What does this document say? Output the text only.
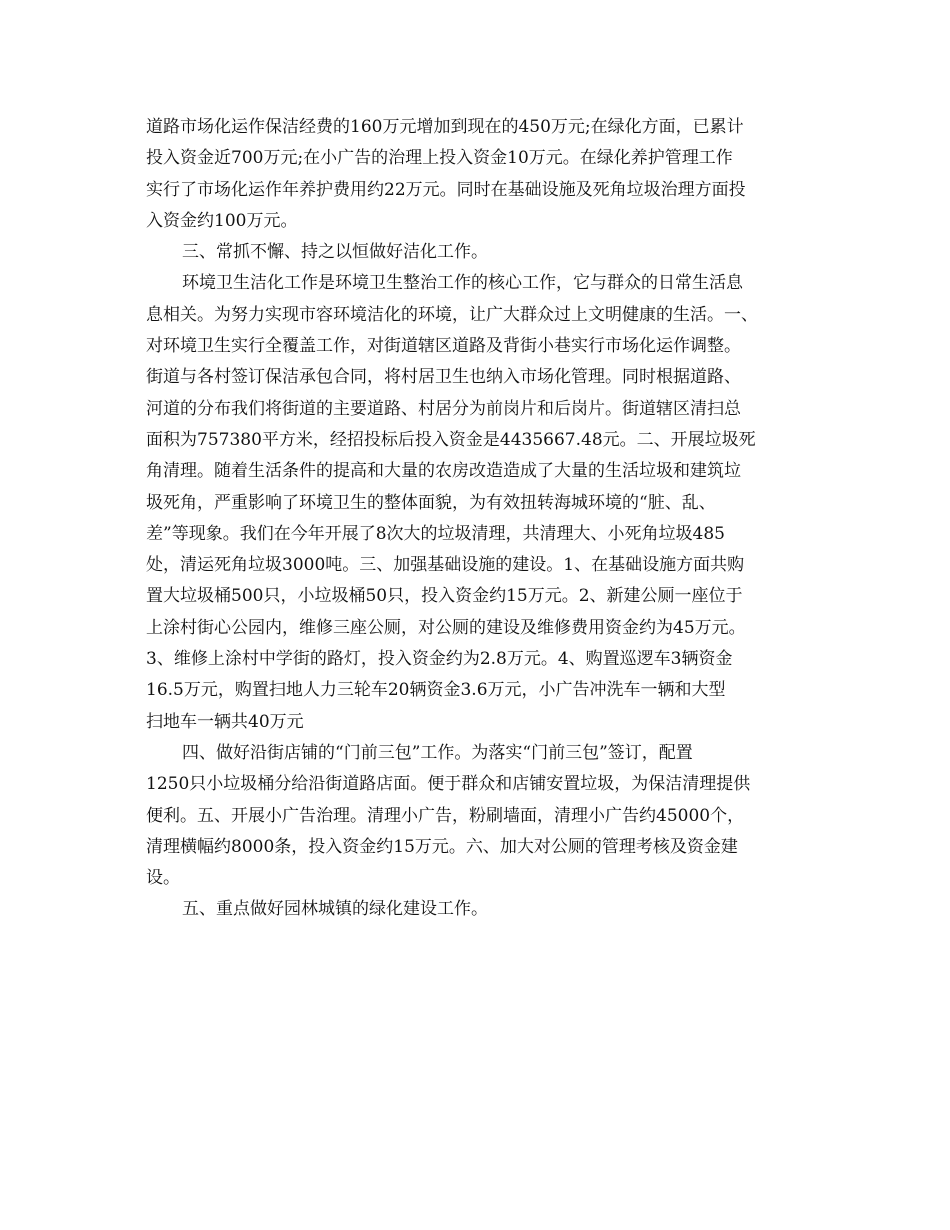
道路市场化运作保洁经费的160万元增加到现在的450万元;在绿化方面，已累计
投入资金近700万元;在小广告的治理上投入资金10万元。在绿化养护管理工作
实行了市场化运作年养护费用约22万元。同时在基础设施及死角垃圾治理方面投
入资金约100万元。
三、常抓不懈、持之以恒做好洁化工作。
环境卫生洁化工作是环境卫生整治工作的核心工作，它与群众的日常生活息
息相关。为努力实现市容环境洁化的环境，让广大群众过上文明健康的生活。一、
对环境卫生实行全覆盖工作，对街道辖区道路及背街小巷实行市场化运作调整。
街道与各村签订保洁承包合同，将村居卫生也纳入市场化管理。同时根据道路、
河道的分布我们将街道的主要道路、村居分为前岗片和后岗片。街道辖区清扫总
面积为757380平方米，经招投标后投入资金是4435667.48元。二、开展垃圾死
角清理。随着生活条件的提高和大量的农房改造造成了大量的生活垃圾和建筑垃
圾死角，严重影响了环境卫生的整体面貌，为有效扭转海城环境的“脏、乱、
差”等现象。我们在今年开展了8次大的垃圾清理，共清理大、小死角垃圾485
处，清运死角垃圾3000吨。三、加强基础设施的建设。1、在基础设施方面共购
置大垃圾桶500只，小垃圾桶50只，投入资金约15万元。2、新建公厕一座位于
上涂村街心公园内，维修三座公厕，对公厕的建设及维修费用资金约为45万元。
3、维修上涂村中学街的路灯，投入资金约为2.8万元。4、购置巡逻车3辆资金
16.5万元，购置扫地人力三轮车20辆资金3.6万元，小广告冲洗车一辆和大型
扫地车一辆共40万元
四、做好沿街店铺的“门前三包”工作。为落实“门前三包”签订，配置
1250只小垃圾桶分给沿街道路店面。便于群众和店铺安置垃圾，为保洁清理提供
便利。五、开展小广告治理。清理小广告，粉刷墙面，清理小广告约45000个，
清理横幅约8000条，投入资金约15万元。六、加大对公厕的管理考核及资金建
设。
五、重点做好园林城镇的绿化建设工作。
